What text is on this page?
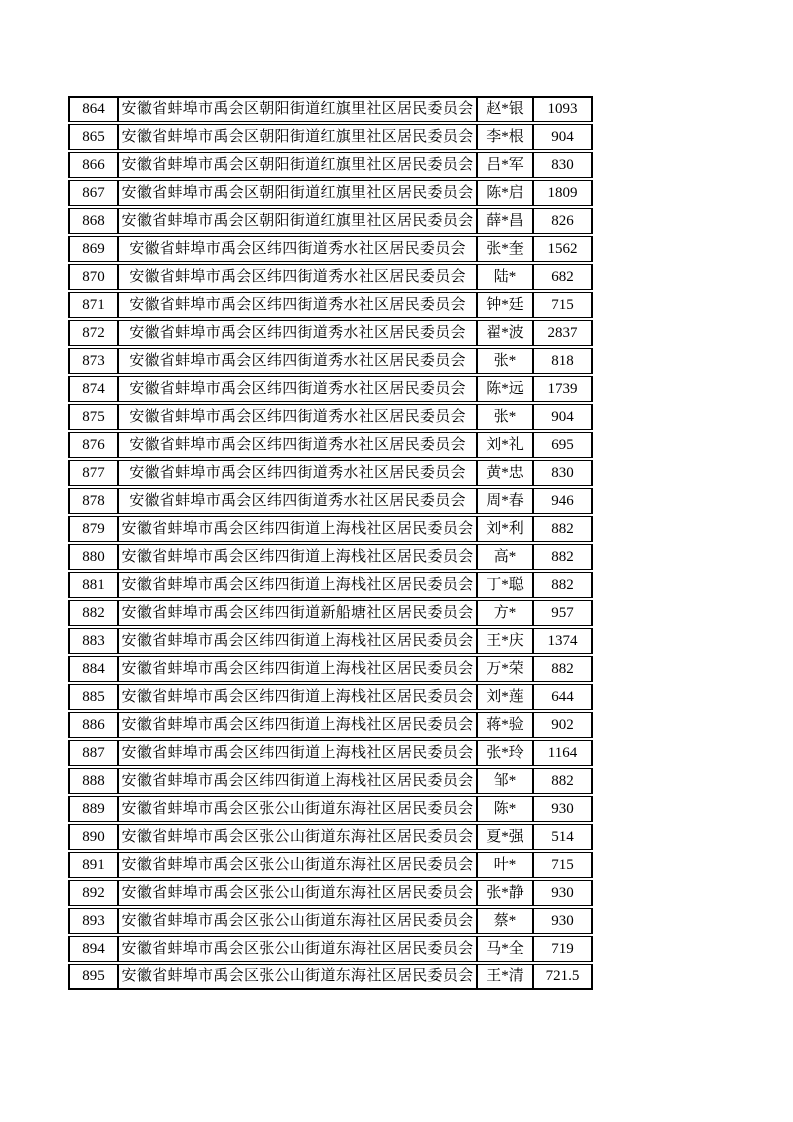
864	安徽省蚌埠市禹会区朝阳街道红旗里社区居民委员会	赵*银	1093
865	安徽省蚌埠市禹会区朝阳街道红旗里社区居民委员会	李*根	904
866	安徽省蚌埠市禹会区朝阳街道红旗里社区居民委员会	吕*军	830
867	安徽省蚌埠市禹会区朝阳街道红旗里社区居民委员会	陈*启	1809
868	安徽省蚌埠市禹会区朝阳街道红旗里社区居民委员会	薛*昌	826
869	安徽省蚌埠市禹会区纬四街道秀水社区居民委员会	张*奎	1562
870	安徽省蚌埠市禹会区纬四街道秀水社区居民委员会	陆*	682
871	安徽省蚌埠市禹会区纬四街道秀水社区居民委员会	钟*廷	715
872	安徽省蚌埠市禹会区纬四街道秀水社区居民委员会	翟*波	2837
873	安徽省蚌埠市禹会区纬四街道秀水社区居民委员会	张*	818
874	安徽省蚌埠市禹会区纬四街道秀水社区居民委员会	陈*远	1739
875	安徽省蚌埠市禹会区纬四街道秀水社区居民委员会	张*	904
876	安徽省蚌埠市禹会区纬四街道秀水社区居民委员会	刘*礼	695
877	安徽省蚌埠市禹会区纬四街道秀水社区居民委员会	黄*忠	830
878	安徽省蚌埠市禹会区纬四街道秀水社区居民委员会	周*春	946
879	安徽省蚌埠市禹会区纬四街道上海栈社区居民委员会	刘*利	882
880	安徽省蚌埠市禹会区纬四街道上海栈社区居民委员会	高*	882
881	安徽省蚌埠市禹会区纬四街道上海栈社区居民委员会	丁*聪	882
882	安徽省蚌埠市禹会区纬四街道新船塘社区居民委员会	方*	957
883	安徽省蚌埠市禹会区纬四街道上海栈社区居民委员会	王*庆	1374
884	安徽省蚌埠市禹会区纬四街道上海栈社区居民委员会	万*荣	882
885	安徽省蚌埠市禹会区纬四街道上海栈社区居民委员会	刘*莲	644
886	安徽省蚌埠市禹会区纬四街道上海栈社区居民委员会	蒋*验	902
887	安徽省蚌埠市禹会区纬四街道上海栈社区居民委员会	张*玲	1164
888	安徽省蚌埠市禹会区纬四街道上海栈社区居民委员会	邹*	882
889	安徽省蚌埠市禹会区张公山街道东海社区居民委员会	陈*	930
890	安徽省蚌埠市禹会区张公山街道东海社区居民委员会	夏*强	514
891	安徽省蚌埠市禹会区张公山街道东海社区居民委员会	叶*	715
892	安徽省蚌埠市禹会区张公山街道东海社区居民委员会	张*静	930
893	安徽省蚌埠市禹会区张公山街道东海社区居民委员会	蔡*	930
894	安徽省蚌埠市禹会区张公山街道东海社区居民委员会	马*全	719
895	安徽省蚌埠市禹会区张公山街道东海社区居民委员会	王*清	721.5
